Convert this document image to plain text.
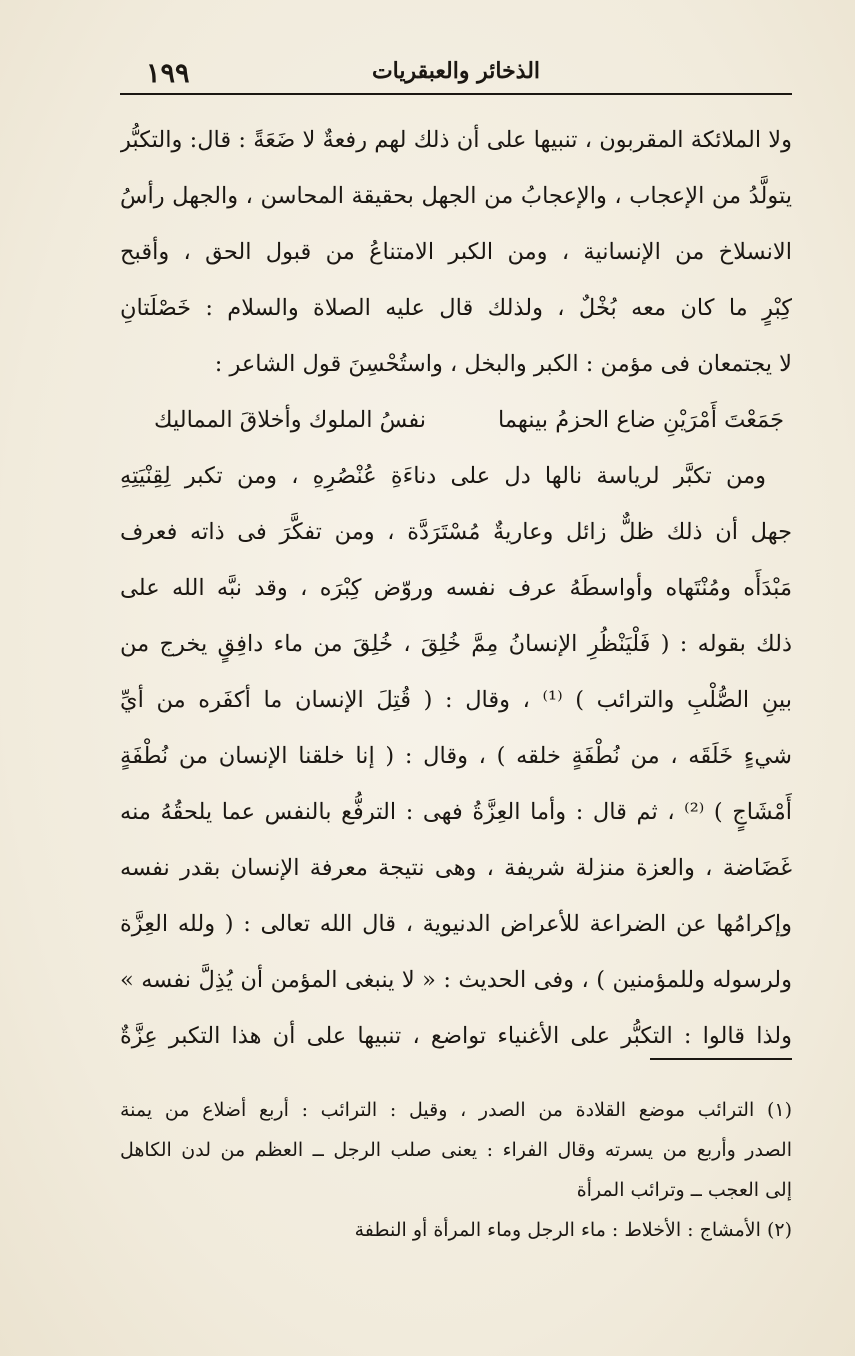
١٩٩	الذخائر والعبقريات
ولا الملائكة المقربون ، تنبيها على أن ذلك لهم رفعةٌ لا ضَعَةً : قال: والتكبُّر
يتولَّدُ من الإعجاب ، والإعجابُ من الجهل بحقيقة المحاسن ، والجهل رأسُ
الانسلاخ من الإنسانية ، ومن الكبر الامتناعُ من قبول الحق ، وأقبح
كِبْرٍ ما كان معه بُخْلٌ ، ولذلك قال عليه الصلاة والسلام : خَصْلَتانِ
لا يجتمعان فى مؤمن : الكبر والبخل ، واستُحْسِنَ قول الشاعر :
جَمَعْتَ أَمْرَيْنِ ضاع الحزمُ بينهما
نفسُ الملوك وأخلاقَ المماليك
ومن تكبَّر لرياسة نالها دل على دناءَةِ عُنْصُرِهِ ، ومن تكبر لِقِنْيَتِهِ
جهل أن ذلك ظلٌّ زائل وعاريةٌ مُسْتَرَدَّة ، ومن تفكَّرَ فى ذاته فعرف
مَبْدَأَه ومُنْتَهاه وأواسطَهُ عرف نفسه وروّض كِبْرَه ، وقد نبَّه الله على
ذلك بقوله : ( فَلْيَنْظُرِ الإنسانُ مِمَّ خُلِقَ ، خُلِقَ من ماء دافِقٍ يخرج من
بينِ الصُّلْبِ والترائب ) ⁽¹⁾ ، وقال : ( قُتِلَ الإنسان ما أكفَره من أيِّ
شيءٍ خَلَقَه ، من نُطْفَةٍ خلقه ) ، وقال : ( إنا خلقنا الإنسان من نُطْفَةٍ
أَمْشَاجٍ ) ⁽²⁾ ، ثم قال : وأما العِزَّةُ فهى : الترفُّع بالنفس عما يلحقُهُ منه
غَضَاضة ، والعزة منزلة شريفة ، وهى نتيجة معرفة الإنسان بقدر نفسه
وإكرامُها عن الضراعة للأعراض الدنيوية ، قال الله تعالى : ( ولله العِزَّة
ولرسوله وللمؤمنين ) ، وفى الحديث : « لا ينبغى المؤمن أن يُذِلَّ نفسه »
ولذا قالوا : التكبُّر على الأغنياء تواضع ، تنبيها على أن هذا التكبر عِزَّةٌ
(١) الترائب موضع القلادة من الصدر ، وقيل : الترائب : أربع أضلاع من يمنة
الصدر وأربع من يسرته وقال الفراء : يعنى صلب الرجل ــ العظم من لدن الكاهل
إلى العجب ــ وترائب المرأة
(٢) الأمشاج : الأخلاط : ماء الرجل وماء المرأة أو النطفة
